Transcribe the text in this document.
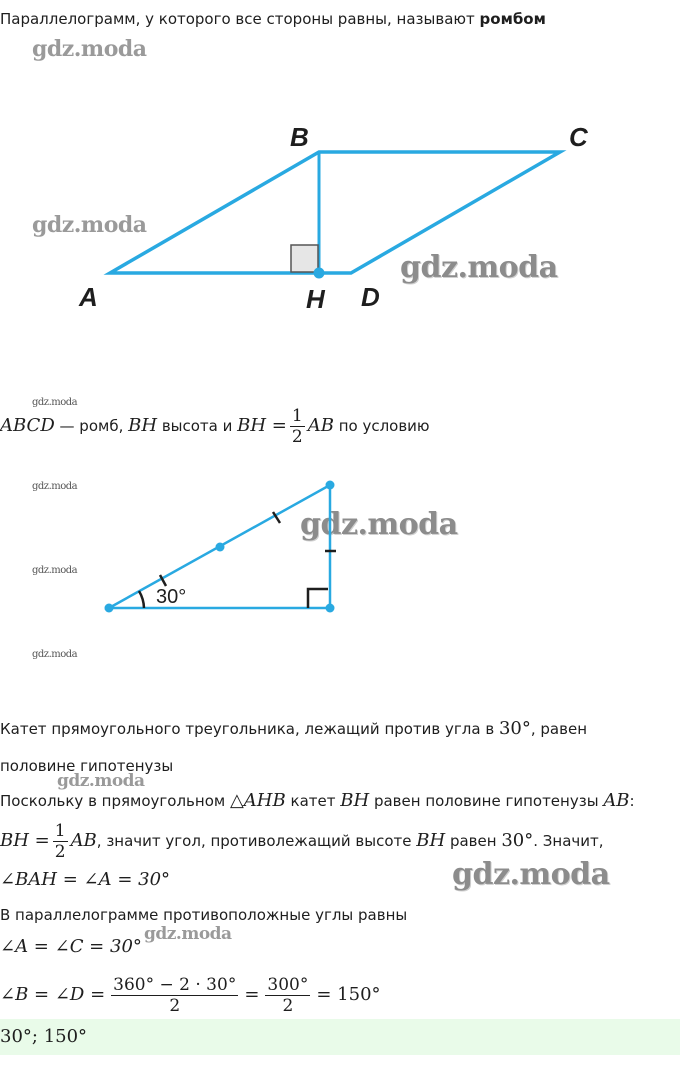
Параллелограмм, у которого все стороны равны, называют ромбом
gdz.moda
gdz.moda
gdz.moda
gdz.moda
gdz.moda
gdz.moda
gdz.moda
gdz.moda
gdz.moda
gdz.moda
gdz.moda
B	C
A	H D
ABCD — ромб, BH высота и BH = $\frac{1}{2}$ AB по условию
30°
Катет прямоугольного треугольника, лежащий против угла в 30°, равен
половине гипотенузы
Поскольку в прямоугольном △AHB катет BH равен половине гипотенузы AB:
BH = $\frac{1}{2}$ AB, значит угол, противолежащий высоте BH равен 30°. Значит,
∠BAH = ∠A = 30°
В параллелограмме противоположные углы равны
∠A = ∠C = 30°
∠B = ∠D = $\frac{360^\circ - 2 \cdot 30^\circ}{2} = \frac{300^\circ}{2} = 150^\circ$
30°; 150°
